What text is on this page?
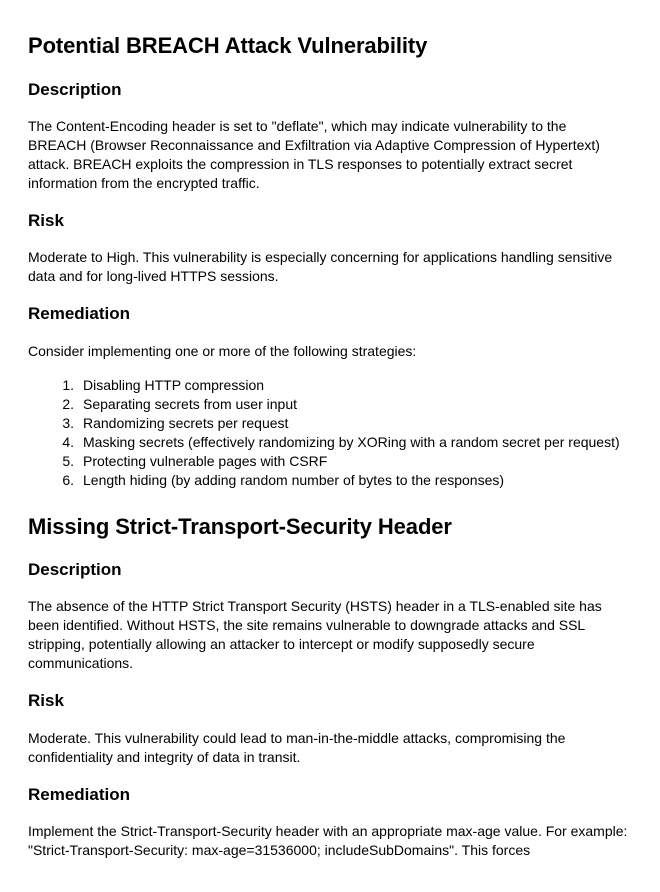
Potential BREACH Attack Vulnerability
Description

The Content-Encoding header is set to "deflate", which may indicate vulnerability to the BREACH (Browser Reconnaissance and Exfiltration via Adaptive Compression of Hypertext) attack. BREACH exploits the compression in TLS responses to potentially extract secret information from the encrypted traffic.

Risk

Moderate to High. This vulnerability is especially concerning for applications handling sensitive data and for long-lived HTTPS sessions.

Remediation

Consider implementing one or more of the following strategies:

1. Disabling HTTP compression
2. Separating secrets from user input
3. Randomizing secrets per request
4. Masking secrets (effectively randomizing by XORing with a random secret per request)
5. Protecting vulnerable pages with CSRF
6. Length hiding (by adding random number of bytes to the responses)
Missing Strict-Transport-Security Header
Description

The absence of the HTTP Strict Transport Security (HSTS) header in a TLS-enabled site has been identified. Without HSTS, the site remains vulnerable to downgrade attacks and SSL stripping, potentially allowing an attacker to intercept or modify supposedly secure communications.

Risk

Moderate. This vulnerability could lead to man-in-the-middle attacks, compromising the confidentiality and integrity of data in transit.

Remediation

Implement the Strict-Transport-Security header with an appropriate max-age value. For example: "Strict-Transport-Security: max-age=31536000; includeSubDomains". This forces
